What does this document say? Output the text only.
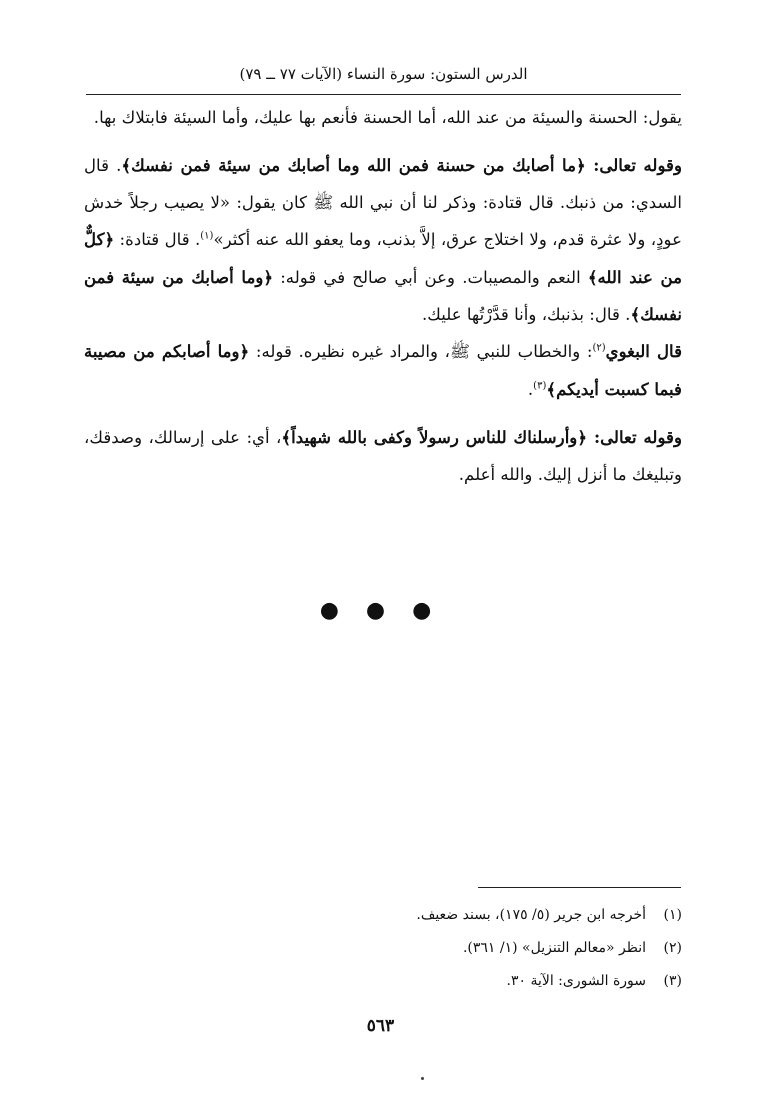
الدرس الستون: سورة النساء (الآيات ٧٧ ــ ٧٩)

يقول: الحسنة والسيئة من عند الله، أما الحسنة فأنعم بها عليك، وأما السيئة فابتلاك بها.

وقوله تعالى: ﴿ما أصابك من حسنة فمن الله وما أصابك من سيئة فمن نفسك﴾. قال السدي: من ذنبك. قال قتادة: وذكر لنا أن نبي الله ﷺ كان يقول: «لا يصيب رجلاً خدش عودٍ، ولا عثرة قدم، ولا اختلاج عرق، إلاَّ بذنب، وما يعفو الله عنه أكثر»$^{(١)}$. قال قتادة: ﴿كلٌّ من عند الله﴾ النعم والمصيبات. وعن أبي صالح في قوله: ﴿وما أصابك من سيئة فمن نفسك﴾. قال: بذنبك، وأنا قدَّرْتُها عليك.

قال البغوي$^{(٢)}$: والخطاب للنبي ﷺ، والمراد غيره نظيره. قوله: ﴿وما أصابكم من مصيبة فبما كسبت أيديكم﴾$^{(٣)}$.

وقوله تعالى: ﴿وأرسلناك للناس رسولاً وكفى بالله شهيداً﴾، أي: على إرسالك، وصدقك، وتبليغك ما أنزل إليك. والله أعلم.

● ● ●

(١)أخرجه ابن جرير (٥/ ١٧٥)، بسند ضعيف.

(٢)انظر «معالم التنزيل» (١/ ٣٦١).

(٣)سورة الشورى: الآية ٣٠.

٥٦٣
